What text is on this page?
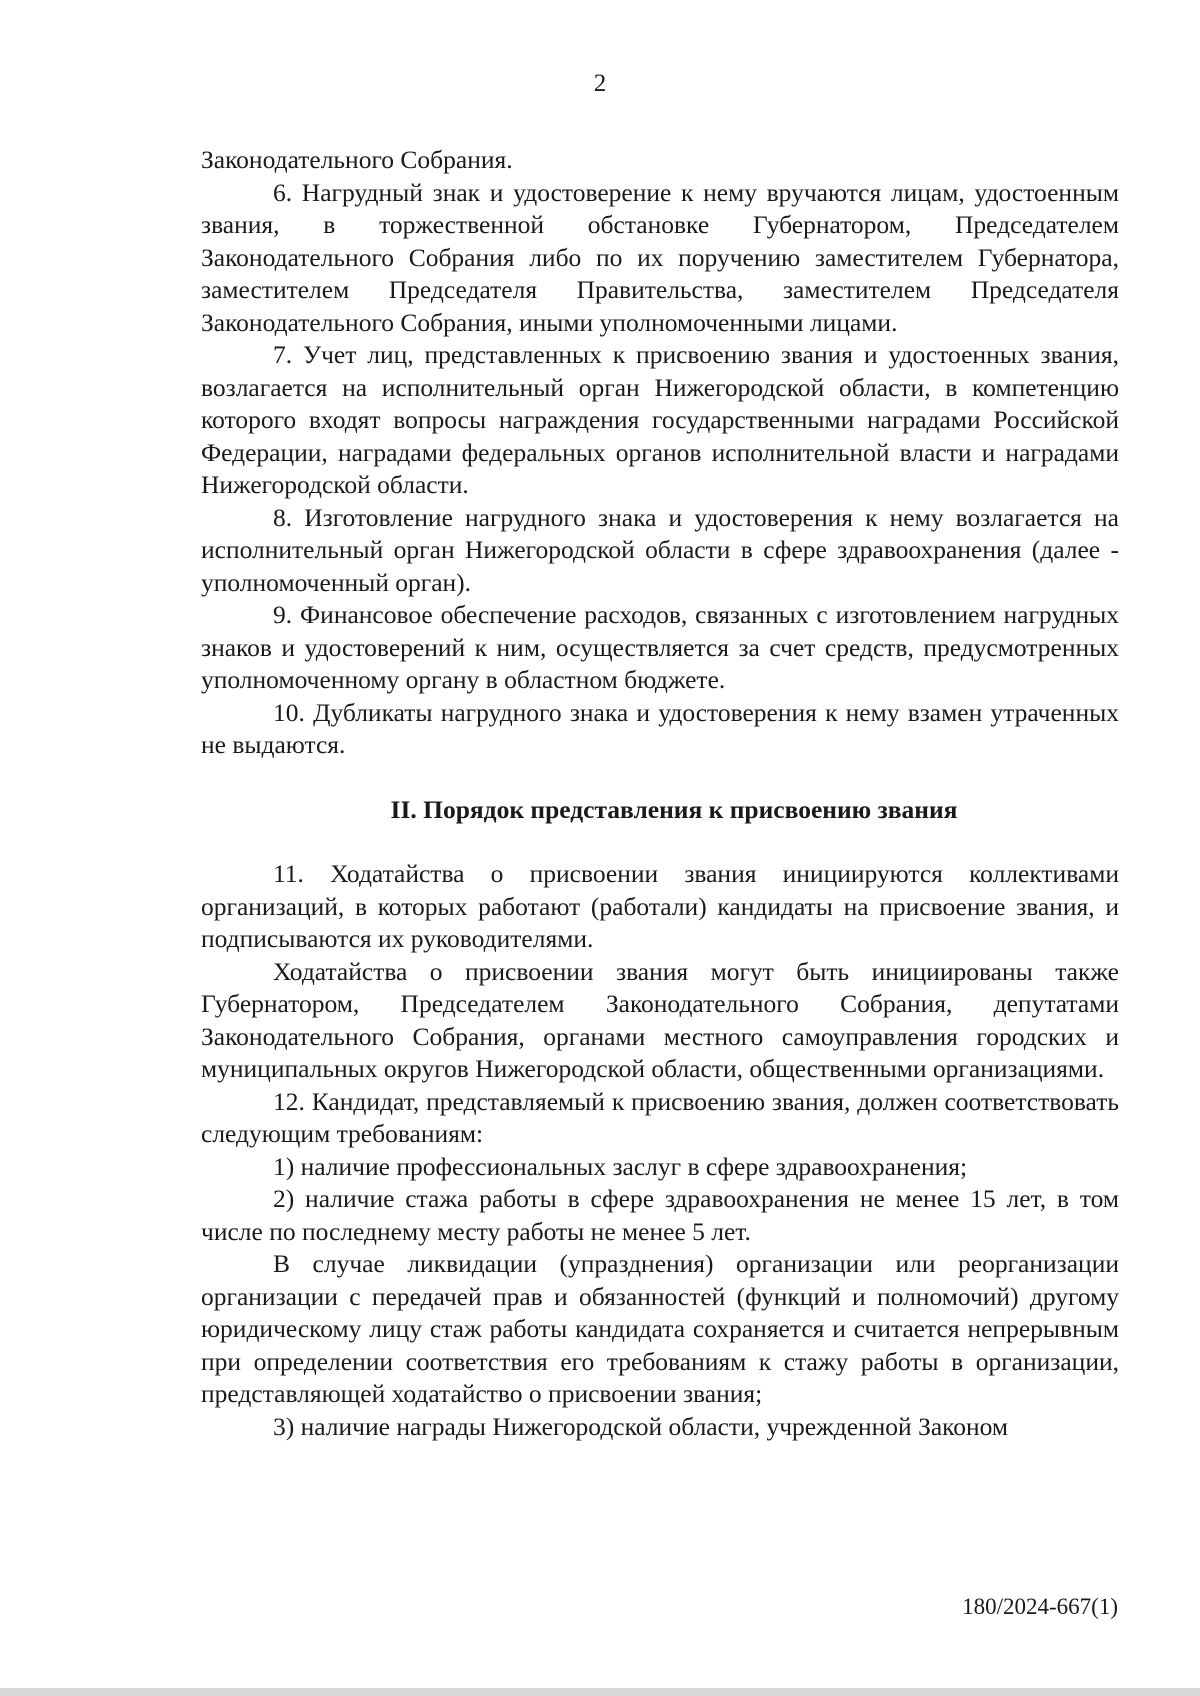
2

Законодательного Собрания.

6. Нагрудный знак и удостоверение к нему вручаются лицам, удостоенным звания, в торжественной обстановке Губернатором, Председателем Законодательного Собрания либо по их поручению заместителем Губернатора, заместителем Председателя Правительства, заместителем Председателя Законодательного Собрания, иными уполномоченными лицами.

7. Учет лиц, представленных к присвоению звания и удостоенных звания, возлагается на исполнительный орган Нижегородской области, в компетенцию которого входят вопросы награждения государственными наградами Российской Федерации, наградами федеральных органов исполнительной власти и наградами Нижегородской области.

8. Изготовление нагрудного знака и удостоверения к нему возлагается на исполнительный орган Нижегородской области в сфере здравоохранения (далее - уполномоченный орган).

9. Финансовое обеспечение расходов, связанных с изготовлением нагрудных знаков и удостоверений к ним, осуществляется за счет средств, предусмотренных уполномоченному органу в областном бюджете.

10. Дубликаты нагрудного знака и удостоверения к нему взамен утраченных не выдаются.

II. Порядок представления к присвоению звания

11. Ходатайства о присвоении звания инициируются коллективами организаций, в которых работают (работали) кандидаты на присвоение звания, и подписываются их руководителями.

Ходатайства о присвоении звания могут быть инициированы также Губернатором, Председателем Законодательного Собрания, депутатами Законодательного Собрания, органами местного самоуправления городских и муниципальных округов Нижегородской области, общественными организациями.

12. Кандидат, представляемый к присвоению звания, должен соответствовать следующим требованиям:

1) наличие профессиональных заслуг в сфере здравоохранения;

2) наличие стажа работы в сфере здравоохранения не менее 15 лет, в том числе по последнему месту работы не менее 5 лет.

В случае ликвидации (упразднения) организации или реорганизации организации с передачей прав и обязанностей (функций и полномочий) другому юридическому лицу стаж работы кандидата сохраняется и считается непрерывным при определении соответствия его требованиям к стажу работы в организации, представляющей ходатайство о присвоении звания;

3) наличие награды Нижегородской области, учрежденной Законом

180/2024-667(1)
